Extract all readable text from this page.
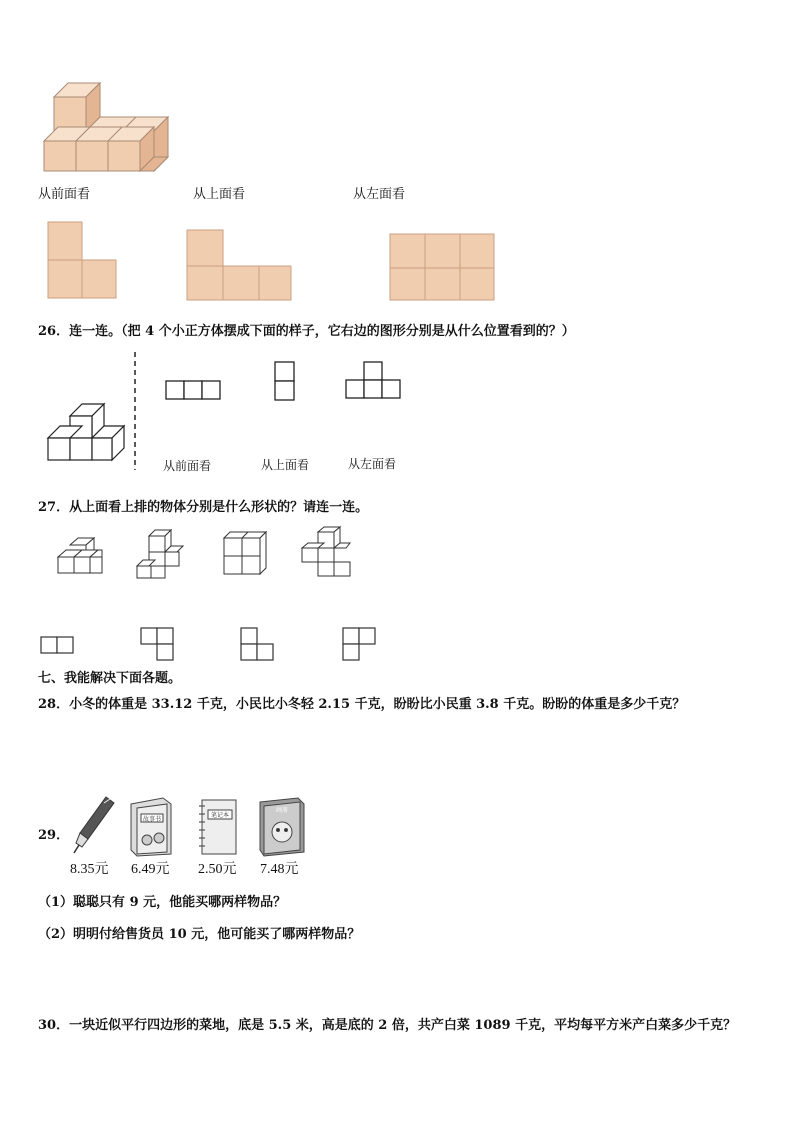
从前面看	从上面看	从左面看
26．连一连。（把 4 个小正方体摆成下面的样子，它右边的图形分别是从什么位置看到的？）
从前面看	从上面看	从左面看
27．从上面看上排的物体分别是什么形状的？请连一连。
七、我能解决下面各题。
28．小冬的体重是 33.12 千克，小民比小冬轻 2.15 千克，盼盼比小民重 3.8 千克。盼盼的体重是多少千克？
29．
故事书
笔记本
画册
8.35元 6.49元 2.50元 7.48元
（1）聪聪只有 9 元，他能买哪两样物品？
（2）明明付给售货员 10 元，他可能买了哪两样物品？
30．一块近似平行四边形的菜地，底是 5.5 米，高是底的 2 倍，共产白菜 1089 千克，平均每平方米产白菜多少千克？
